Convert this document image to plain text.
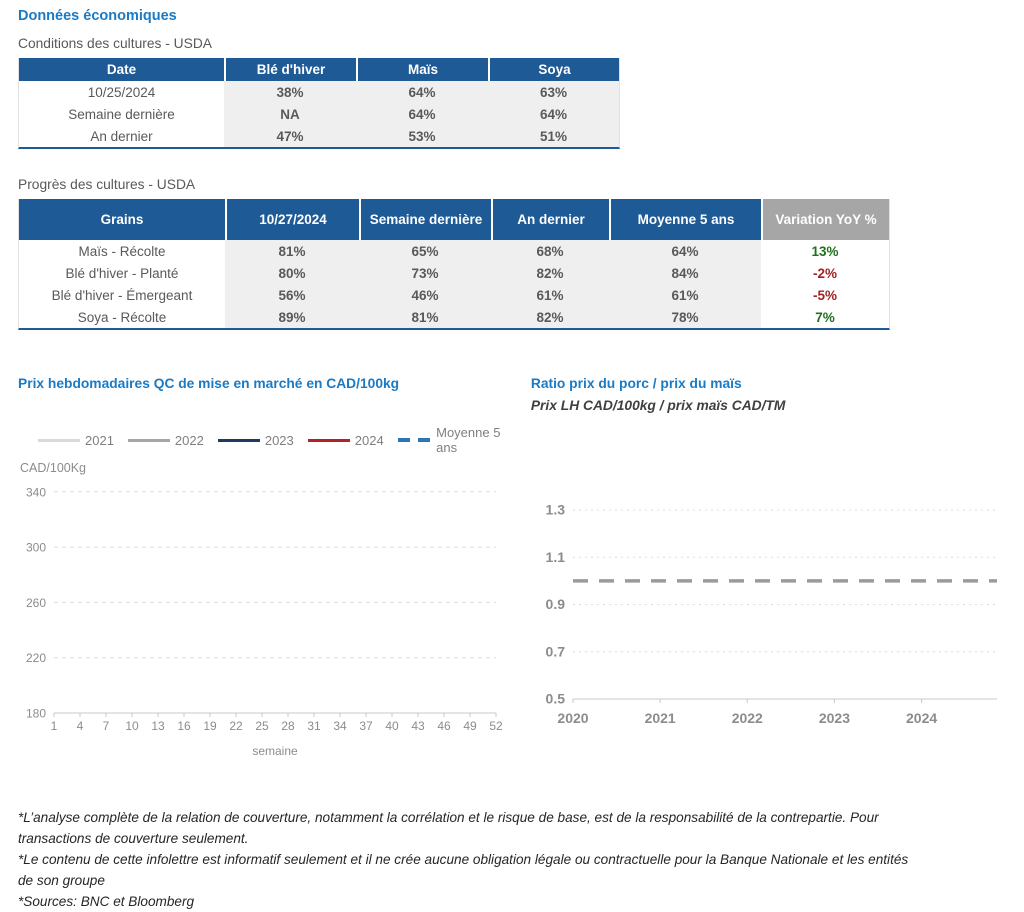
Données économiques
Conditions des cultures - USDA
Date	Blé d'hiver	Maïs	Soya
10/25/2024	38%	64%	63%
Semaine dernière	NA	64%	64%
An dernier	47%	53%	51%
Progrès des cultures - USDA
Grains	10/27/2024	Semaine dernière	An dernier	Moyenne 5 ans	Variation YoY %
Maïs - Récolte	81%	65%	68%	64%	13%
Blé d'hiver - Planté	80%	73%	82%	84%	-2%
Blé d'hiver - Émergeant	56%	46%	61%	61%	-5%
Soya - Récolte	89%	81%	82%	78%	7%
Prix hebdomadaires QC de mise en marché en CAD/100kg
2021	2022	2023	2024	Moyenne 5 ans
180
220
260
300
340
1 4 7 10 13 16 19 22 25 28 31 34 37 40 43 46 49 52
CAD/100Kg
semaine
Ratio prix du porc / prix du maïs
Prix LH CAD/100kg / prix maïs CAD/TM
0.5
0.7
0.9
1.1
1.3
2020	2021	2022	2023	2024
*L’analyse complète de la relation de couverture, notamment la corrélation et le risque de base, est de la responsabilité de la contrepartie. Pour transactions de couverture seulement.
*Le contenu de cette infolettre est informatif seulement et il ne crée aucune obligation légale ou contractuelle pour la Banque Nationale et les entités de son groupe
*Sources: BNC et Bloomberg
